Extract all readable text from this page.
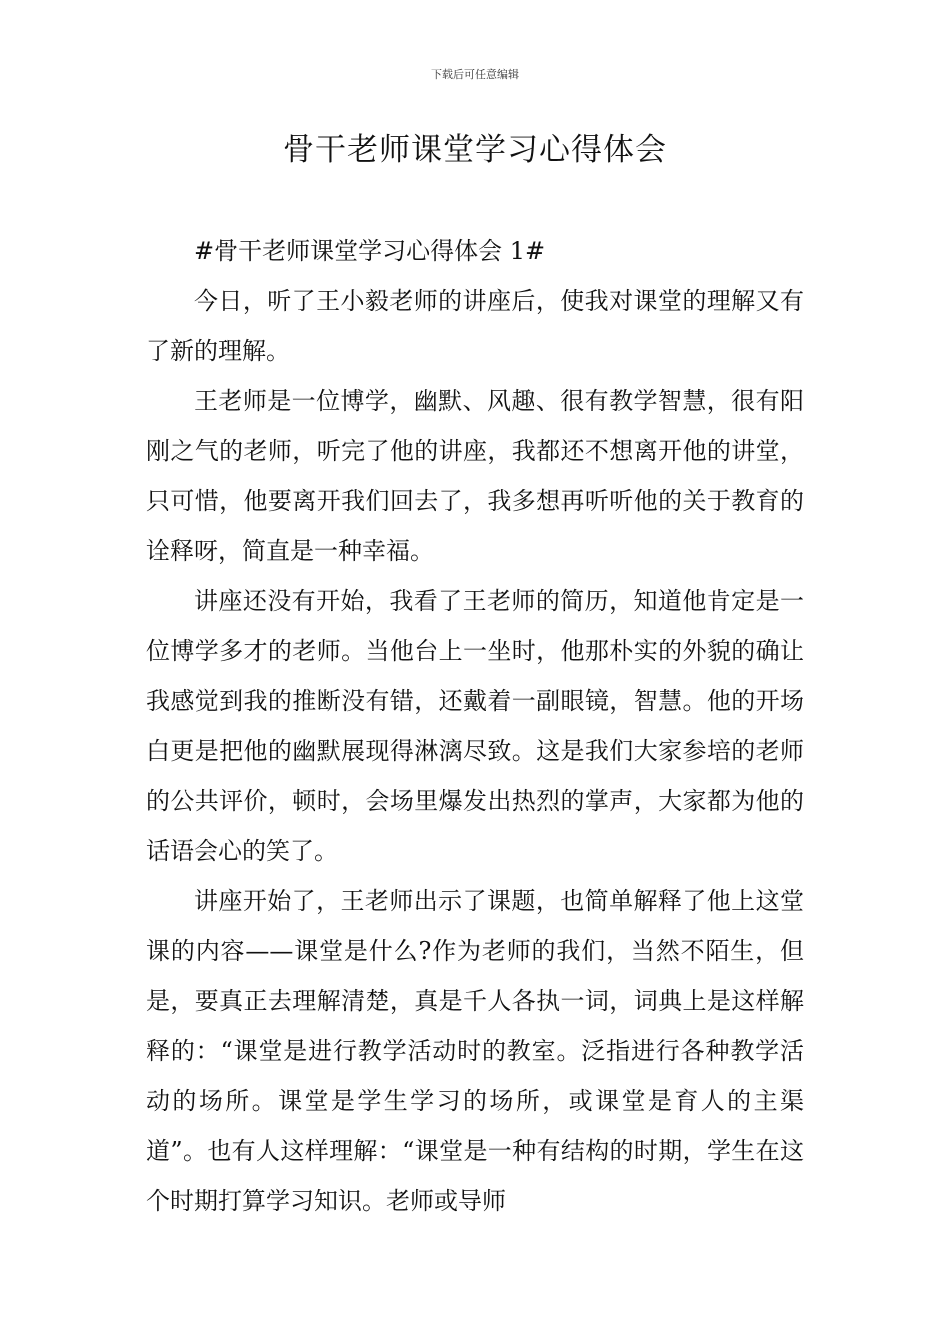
下载后可任意编辑
骨干老师课堂学习心得体会

#骨干老师课堂学习心得体会 1#

今日，听了王小毅老师的讲座后，使我对课堂的理解又有了新的理解。

王老师是一位博学，幽默、风趣、很有教学智慧，很有阳刚之气的老师，听完了他的讲座，我都还不想离开他的讲堂，只可惜，他要离开我们回去了，我多想再听听他的关于教育的诠释呀，简直是一种幸福。

讲座还没有开始，我看了王老师的简历，知道他肯定是一位博学多才的老师。当他台上一坐时，他那朴实的外貌的确让我感觉到我的推断没有错，还戴着一副眼镜，智慧。他的开场白更是把他的幽默展现得淋漓尽致。这是我们大家参培的老师的公共评价，顿时，会场里爆发出热烈的掌声，大家都为他的话语会心的笑了。

讲座开始了，王老师出示了课题，也简单解释了他上这堂课的内容——课堂是什么?作为老师的我们，当然不陌生，但是，要真正去理解清楚，真是千人各执一词，词典上是这样解释的：“课堂是进行教学活动时的教室。泛指进行各种教学活动的场所。课堂是学生学习的场所，或课堂是育人的主渠道”。也有人这样理解：“课堂是一种有结构的时期，学生在这个时期打算学习知识。老师或导师
